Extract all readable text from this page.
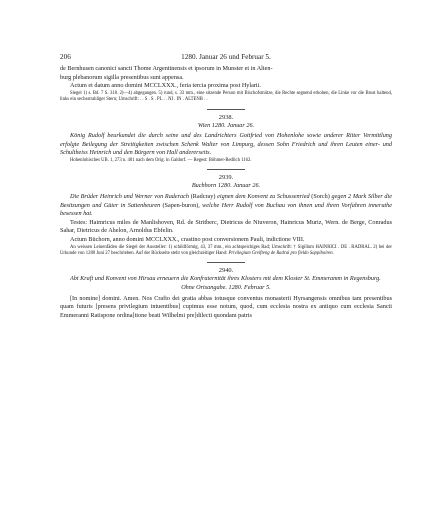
206	1280. Januar 26 und Februar 5.

de Bernhusen canonici sancti Thome Argentinensis et ipsorum in Munster et in Alten-

burg plebanorum sigilla presentibus sunt appensa.

Actum et datum anno domini MCCLXXX., feria tercia proxima post Hylarii.

Siegel 1) s. Bd. 7 S. 318. 2)—4) abgegangen. 5) rund, s. 33 mm., eine sitzende Person mit Bischofsmütze, die Rechte segnend erhoben, die Linke vor die Brust haltend, links ein sechsstrahliger Stern; Umschrift: . . S . S . PL . . NI . IN . ALTENB . .

2938.
Wien 1280. Januar 26.

König Rudolf beurkundet die durch seine und des Landrichters Gottfried von Hohenlohe sowie anderer Ritter Vermittlung erfolgte Beilegung der Streitigkeiten zwischen Schenk Walter von Limpurg, dessen Sohn Friedrich und ihren Leuten einer- und Schultheiss Heinrich und den Bürgern von Hall andererseits.

Hohenlohisches UB. 1, 273 n. 401 nach dem Orig. in Galdorf. — Regest: Böhmer-Redlich 1162.

2939.
Buchhorn 1280. Januar 26.

Die Brüder Heinrich und Werner von Raderach (Radcray) eignen dem Konvent zu Schussenried (Sorch) gegen 2 Mark Silber die Besitzungen und Güter in Sattenbeuren (Sapen-buron), welche Herr Rudolf von Buchau von ihnen und ihren Vorfahren inneruthe besessen hat.

Testes: Haimricus miles de Manlishoven, Rd. de Stritberc, Dietricus de Niuveron, Hainricus Muriz, Wern. de Berge, Conradus Sahar, Dietricus de Ahelon, Arnoldus Ebfelin.

Actum Büchorn, anno domini MCCLXXX., crastino post conversionem Pauli, indictione VIII.

An weissen Leinenfäden die Siegel der Aussteller: 1) schildförmig, 43, 37 mm., ein achtspeichiges Rad; Umschrift: † Sigillum HAINRICI . DE . RADRAL. 2) bei der Urkunde von 1280 Juni 27 beschrieben. Auf der Rückseite steht von gleichzeitiger Hand: Privilegium Greifteng de Radrai pro fieldo Sappiboiren.

2940.

Abt Kraft und Konvent von Hirsau erneuern die Konfraternität ihres Klosters mit dem Kloster St. Emmeramm in Regensburg.

Ohne Ortsangabe. 1280. Februar 5.

[In nomine] domini. Amen. Nos Crafto dei gratia abbas totusque conventus monasterii Hyrsangensis omnibus tam presentibus quam futuris [presens privilegium intuentibus] cupimus esse notum, quod, cum ecclesia nostra ex antiquo cum ecclesia Sancti Emmeranni Ratispone ordina[tione beati Wilhelmi pre]dilecti quondam patris
